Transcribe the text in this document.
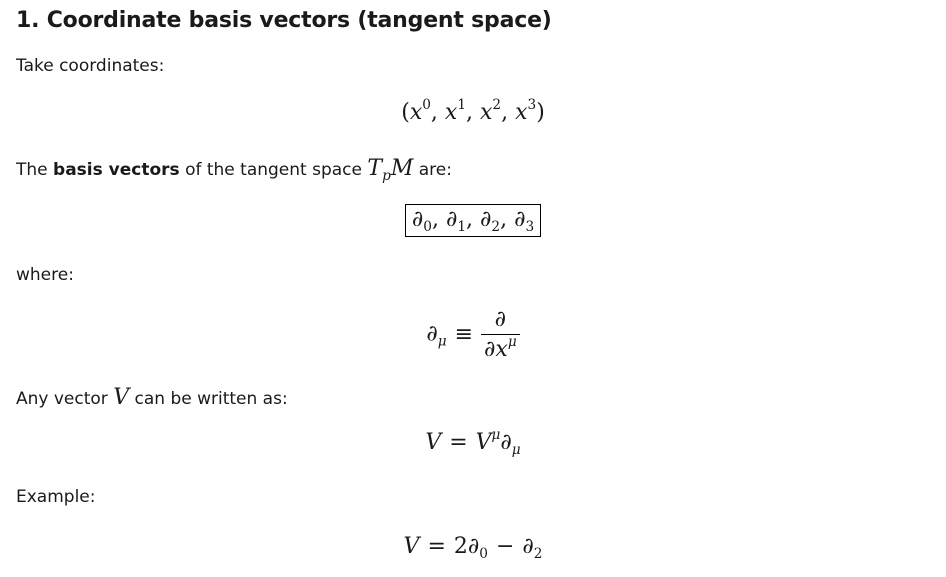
1. Coordinate basis vectors (tangent space)
Take coordinates:
($x^0$, $x^1$, $x^2$, $x^3$)
The basis vectors of the tangent space $T_pM$ are:
$\partial_0$, $\partial_1$, $\partial_2$, $\partial_3$
where:
$\partial_\mu \equiv \frac{\partial}{\partial x^\mu}$
Any vector V can be written as:
$V = V^\mu\partial_\mu$
Example:
$V = 2\partial_0 - \partial_2$
